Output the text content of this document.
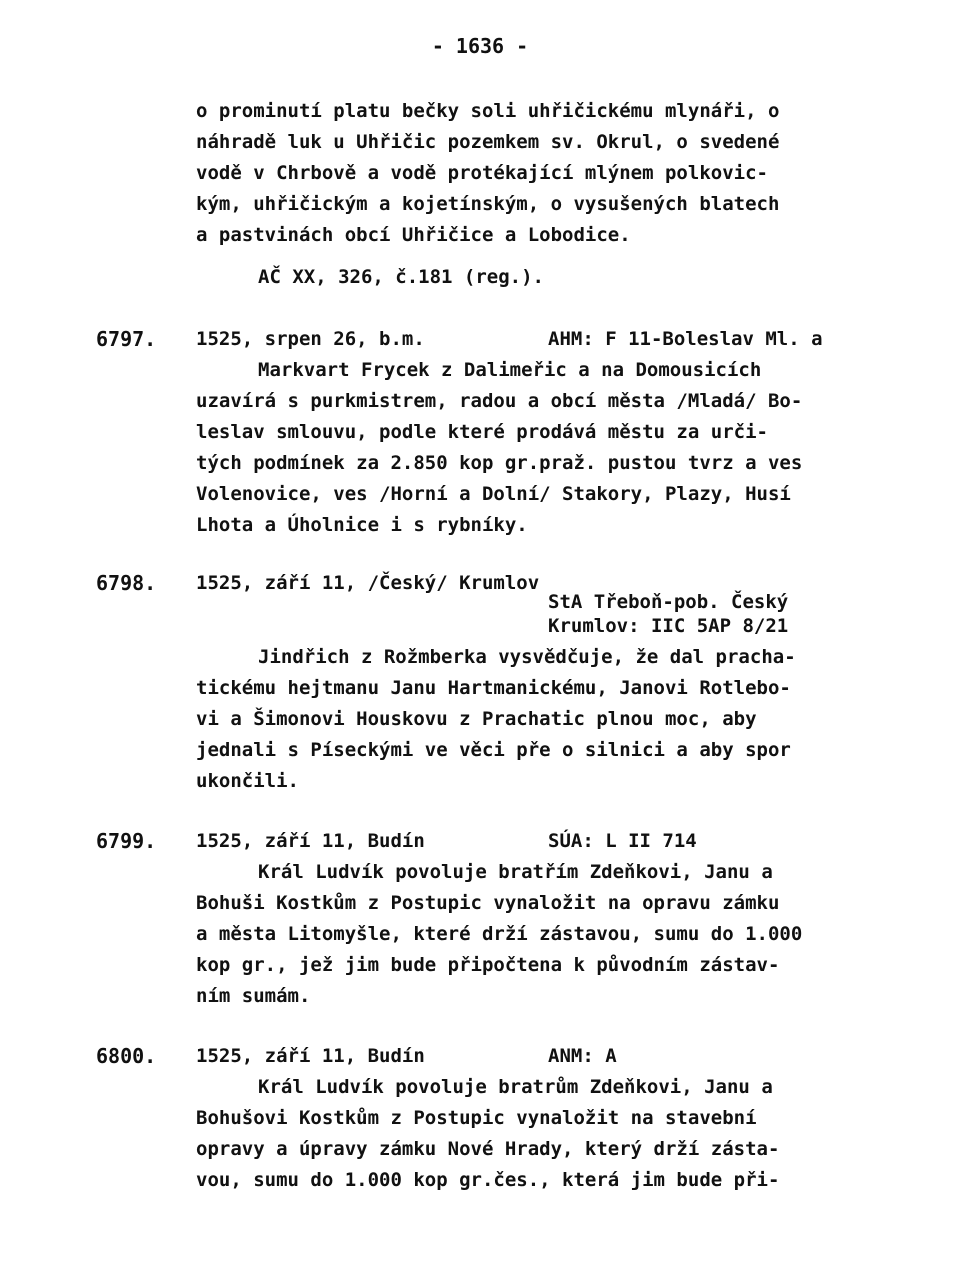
- 1636 -
o prominutí platu bečky soli uhřičickému mlynáři, o
náhradě luk u Uhřičic pozemkem sv. Okrul, o svedené
vodě v Chrbově a vodě protékající mlýnem polkovic-
kým, uhřičickým a kojetínským, o vysušených blatech
a pastvinách obcí Uhřičice a Lobodice.
AČ XX, 326, č.181 (reg.).
6797. 1525, srpen 26, b.m.	AHM: F 11-Boleslav Ml. a
Markvart Frycek z Dalimeřic a na Domousicích
uzavírá s purkmistrem, radou a obcí města /Mladá/ Bo-
leslav smlouvu, podle které prodává městu za urči-
tých podmínek za 2.850 kop gr.praž. pustou tvrz a ves
Volenovice, ves /Horní a Dolní/ Stakory, Plazy, Husí
Lhota a Úholnice i s rybníky.
6798. 1525, září 11, /Český/ Krumlov
StA Třeboň-pob. Český
Krumlov: IIC 5AP 8/21
Jindřich z Rožmberka vysvědčuje, že dal pracha-
tickému hejtmanu Janu Hartmanickému, Janovi Rotlebo-
vi a Šimonovi Houskovu z Prachatic plnou moc, aby
jednali s Píseckými ve věci pře o silnici a aby spor
ukončili.
6799. 1525, září 11, Budín	SÚA: L II 714
Král Ludvík povoluje bratřím Zdeňkovi, Janu a
Bohuši Kostkům z Postupic vynaložit na opravu zámku
a města Litomyšle, které drží zástavou, sumu do 1.000
kop gr., jež jim bude připočtena k původním zástav-
ním sumám.
6800. 1525, září 11, Budín	ANM: A
Král Ludvík povoluje bratrům Zdeňkovi, Janu a
Bohušovi Kostkům z Postupic vynaložit na stavební
opravy a úpravy zámku Nové Hrady, který drží zásta-
vou, sumu do 1.000 kop gr.čes., která jim bude při-
